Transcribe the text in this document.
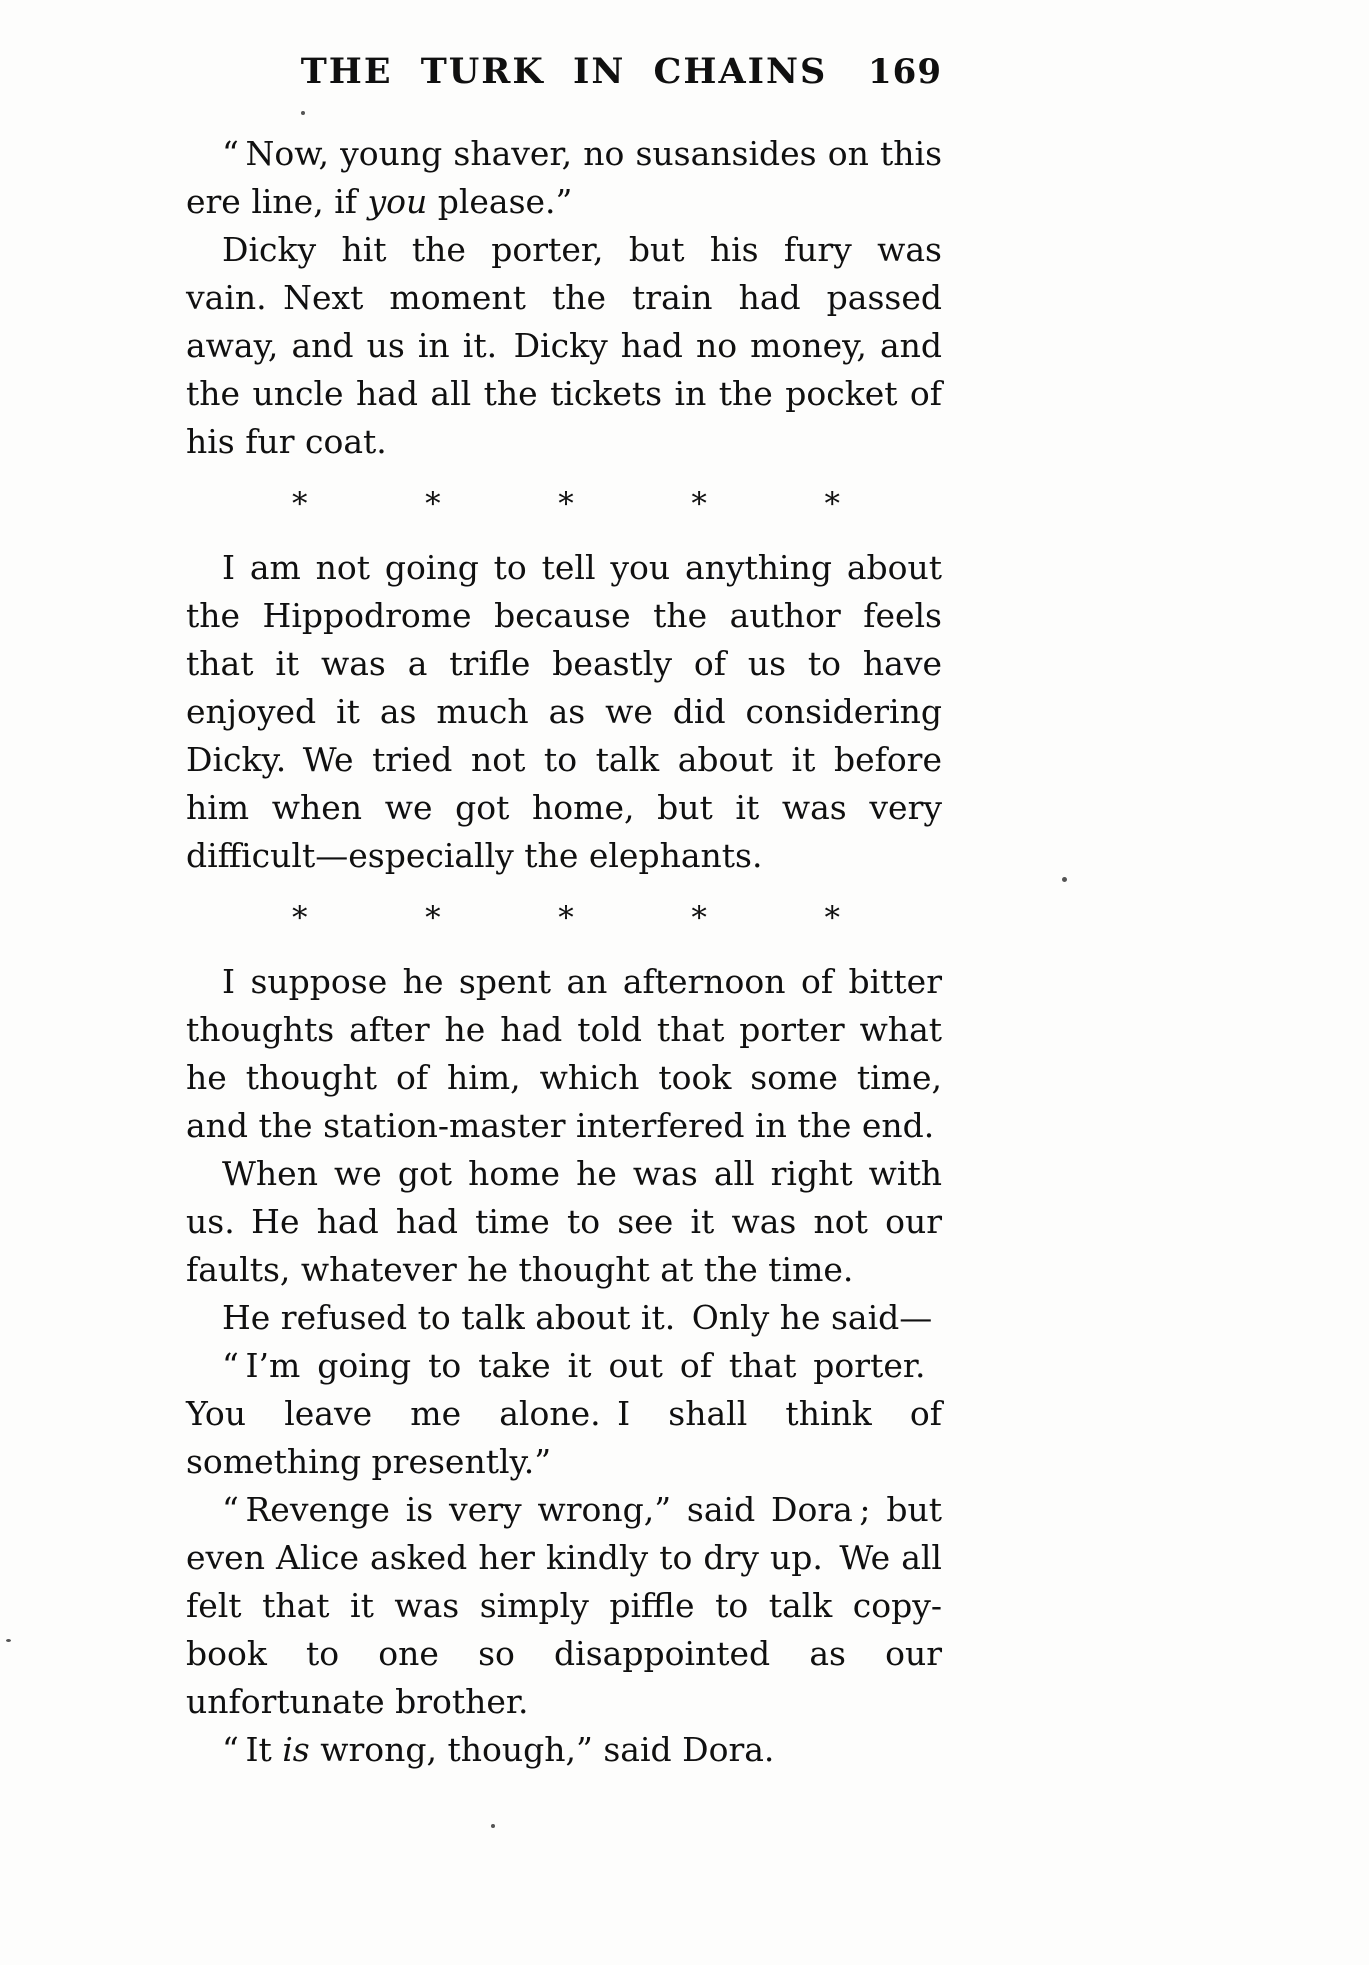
THE TURK IN CHAINS	169

“ Now, young shaver, no susansides on this ere line, if you please.”

Dicky hit the porter, but his fury was vain. Next moment the train had passed away, and us in it. Dicky had no money, and the uncle had all the tickets in the pocket of his fur coat.

*	*	*	*	*

I am not going to tell you anything about the Hippodrome because the author feels that it was a trifle beastly of us to have enjoyed it as much as we did considering Dicky. We tried not to talk about it before him when we got home, but it was very difficult—especially the elephants.

*	*	*	*	*

I suppose he spent an afternoon of bitter thoughts after he had told that porter what he thought of him, which took some time, and the station-master interfered in the end.

When we got home he was all right with us. He had had time to see it was not our faults, whatever he thought at the time.

He refused to talk about it. Only he said—

“ I’m going to take it out of that porter. You leave me alone. I shall think of something presently.”

“ Revenge is very wrong,” said Dora ; but even Alice asked her kindly to dry up. We all felt that it was simply piffle to talk copy-book to one so disappointed as our unfortunate brother.

“ It is wrong, though,” said Dora.
